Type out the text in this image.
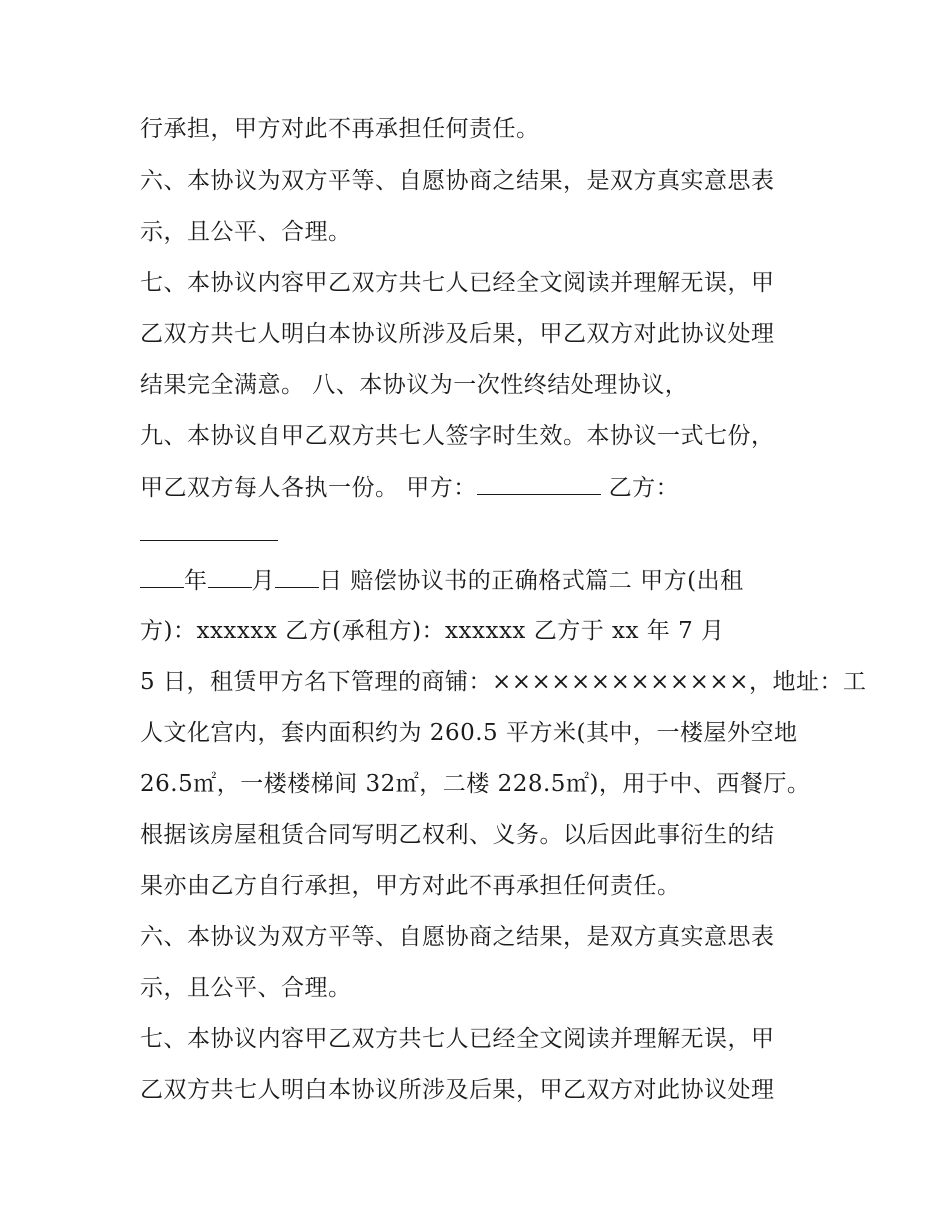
行承担，甲方对此不再承担任何责任。
六、本协议为双方平等、自愿协商之结果，是双方真实意思表
示，且公平、合理。
七、本协议内容甲乙双方共七人已经全文阅读并理解无误，甲
乙双方共七人明白本协议所涉及后果，甲乙双方对此协议处理
结果完全满意。 八、本协议为一次性终结处理协议，
九、本协议自甲乙双方共七人签字时生效。本协议一式七份，
甲乙双方每人各执一份。 甲方：	乙方：
年 月 日 赔偿协议书的正确格式篇二 甲方(出租
方)：xxxxxx 乙方(承租方)：xxxxxx 乙方于 xx 年 7 月
5 日，租赁甲方名下管理的商铺：×××××××××××××，地址：工
人文化宫内，套内面积约为 260.5 平方米(其中，一楼屋外空地
26.5㎡，一楼楼梯间 32㎡，二楼 228.5㎡)，用于中、西餐厅。
根据该房屋租赁合同写明乙权利、义务。以后因此事衍生的结
果亦由乙方自行承担，甲方对此不再承担任何责任。
六、本协议为双方平等、自愿协商之结果，是双方真实意思表
示，且公平、合理。
七、本协议内容甲乙双方共七人已经全文阅读并理解无误，甲
乙双方共七人明白本协议所涉及后果，甲乙双方对此协议处理
